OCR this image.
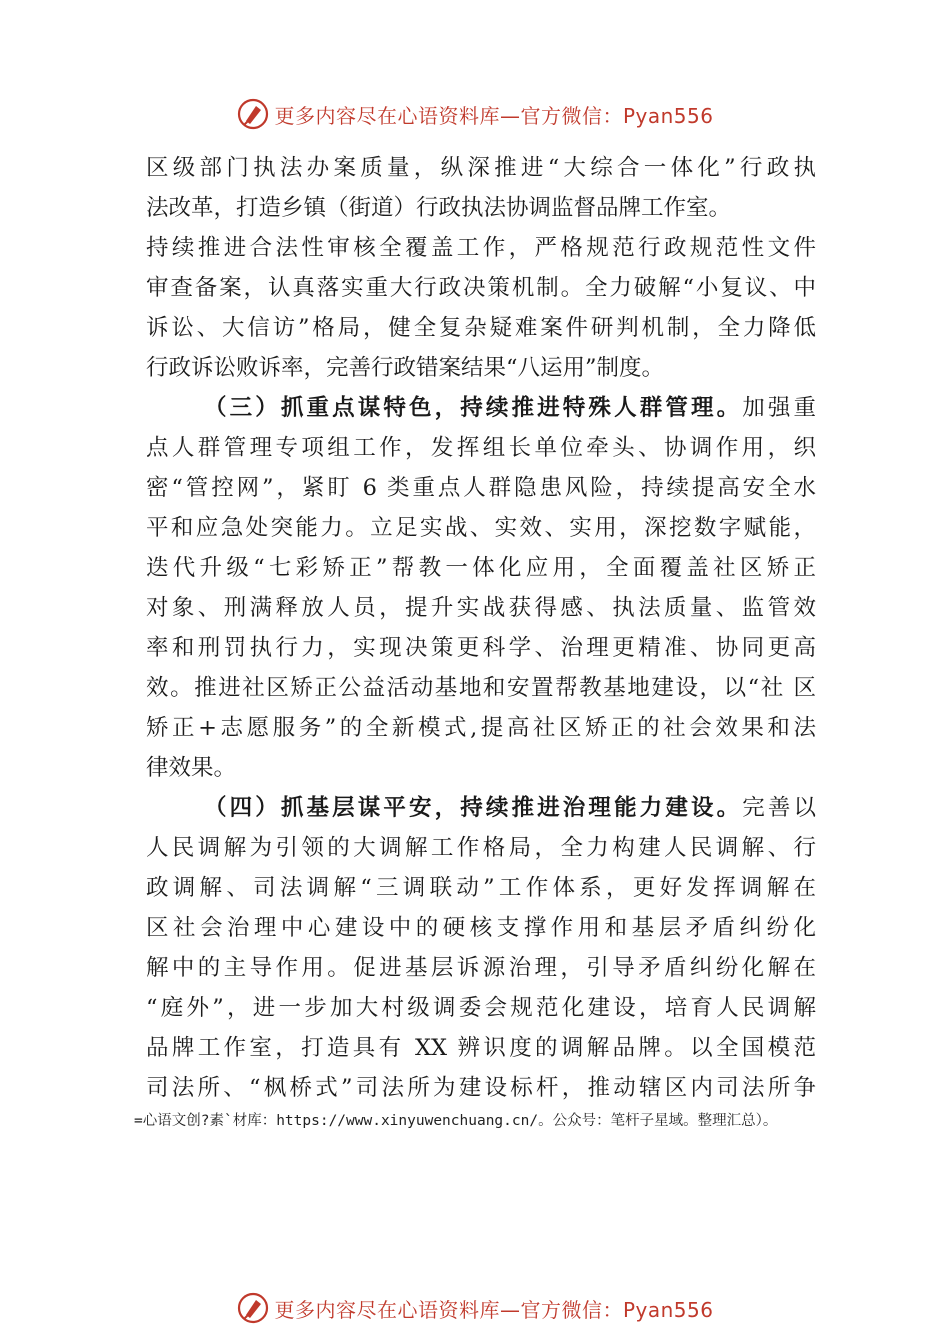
更多内容尽在心语资料库—官方微信：Pyan556
区级部门执法办案质量，纵深推进“大综合一体化”行政执
法改革，打造乡镇（街道）行政执法协调监督品牌工作室。
持续推进合法性审核全覆盖工作，严格规范行政规范性文件
审查备案，认真落实重大行政决策机制。全力破解“小复议、中
诉讼、大信访”格局，健全复杂疑难案件研判机制，全力降低
行政诉讼败诉率，完善行政错案结果“八运用”制度。
（三）抓重点谋特色，持续推进特殊人群管理。加强重
点人群管理专项组工作，发挥组长单位牵头、协调作用，织
密“管控网”，紧盯 6 类重点人群隐患风险，持续提高安全水
平和应急处突能力。立足实战、实效、实用，深挖数字赋能，
迭代升级“七彩矫正”帮教一体化应用，全面覆盖社区矫正
对象、刑满释放人员，提升实战获得感、执法质量、监管效
率和刑罚执行力，实现决策更科学、治理更精准、协同更高
效。推进社区矫正公益活动基地和安置帮教基地建设，以“社 区
矫正+志愿服务”的全新模式,提高社区矫正的社会效果和法
律效果。
（四）抓基层谋平安，持续推进治理能力建设。完善以
人民调解为引领的大调解工作格局，全力构建人民调解、行
政调解、司法调解“三调联动”工作体系，更好发挥调解在
区社会治理中心建设中的硬核支撑作用和基层矛盾纠纷化
解中的主导作用。促进基层诉源治理，引导矛盾纠纷化解在
“庭外”，进一步加大村级调委会规范化建设，培育人民调解
品牌工作室，打造具有 XX 辨识度的调解品牌。以全国模范
司法所、“枫桥式”司法所为建设标杆，推动辖区内司法所争
=心语文创?素`材库：https://www.xinyuwenchuang.cn/。公众号：笔杆子星域。整理汇总）。
更多内容尽在心语资料库—官方微信：Pyan556
